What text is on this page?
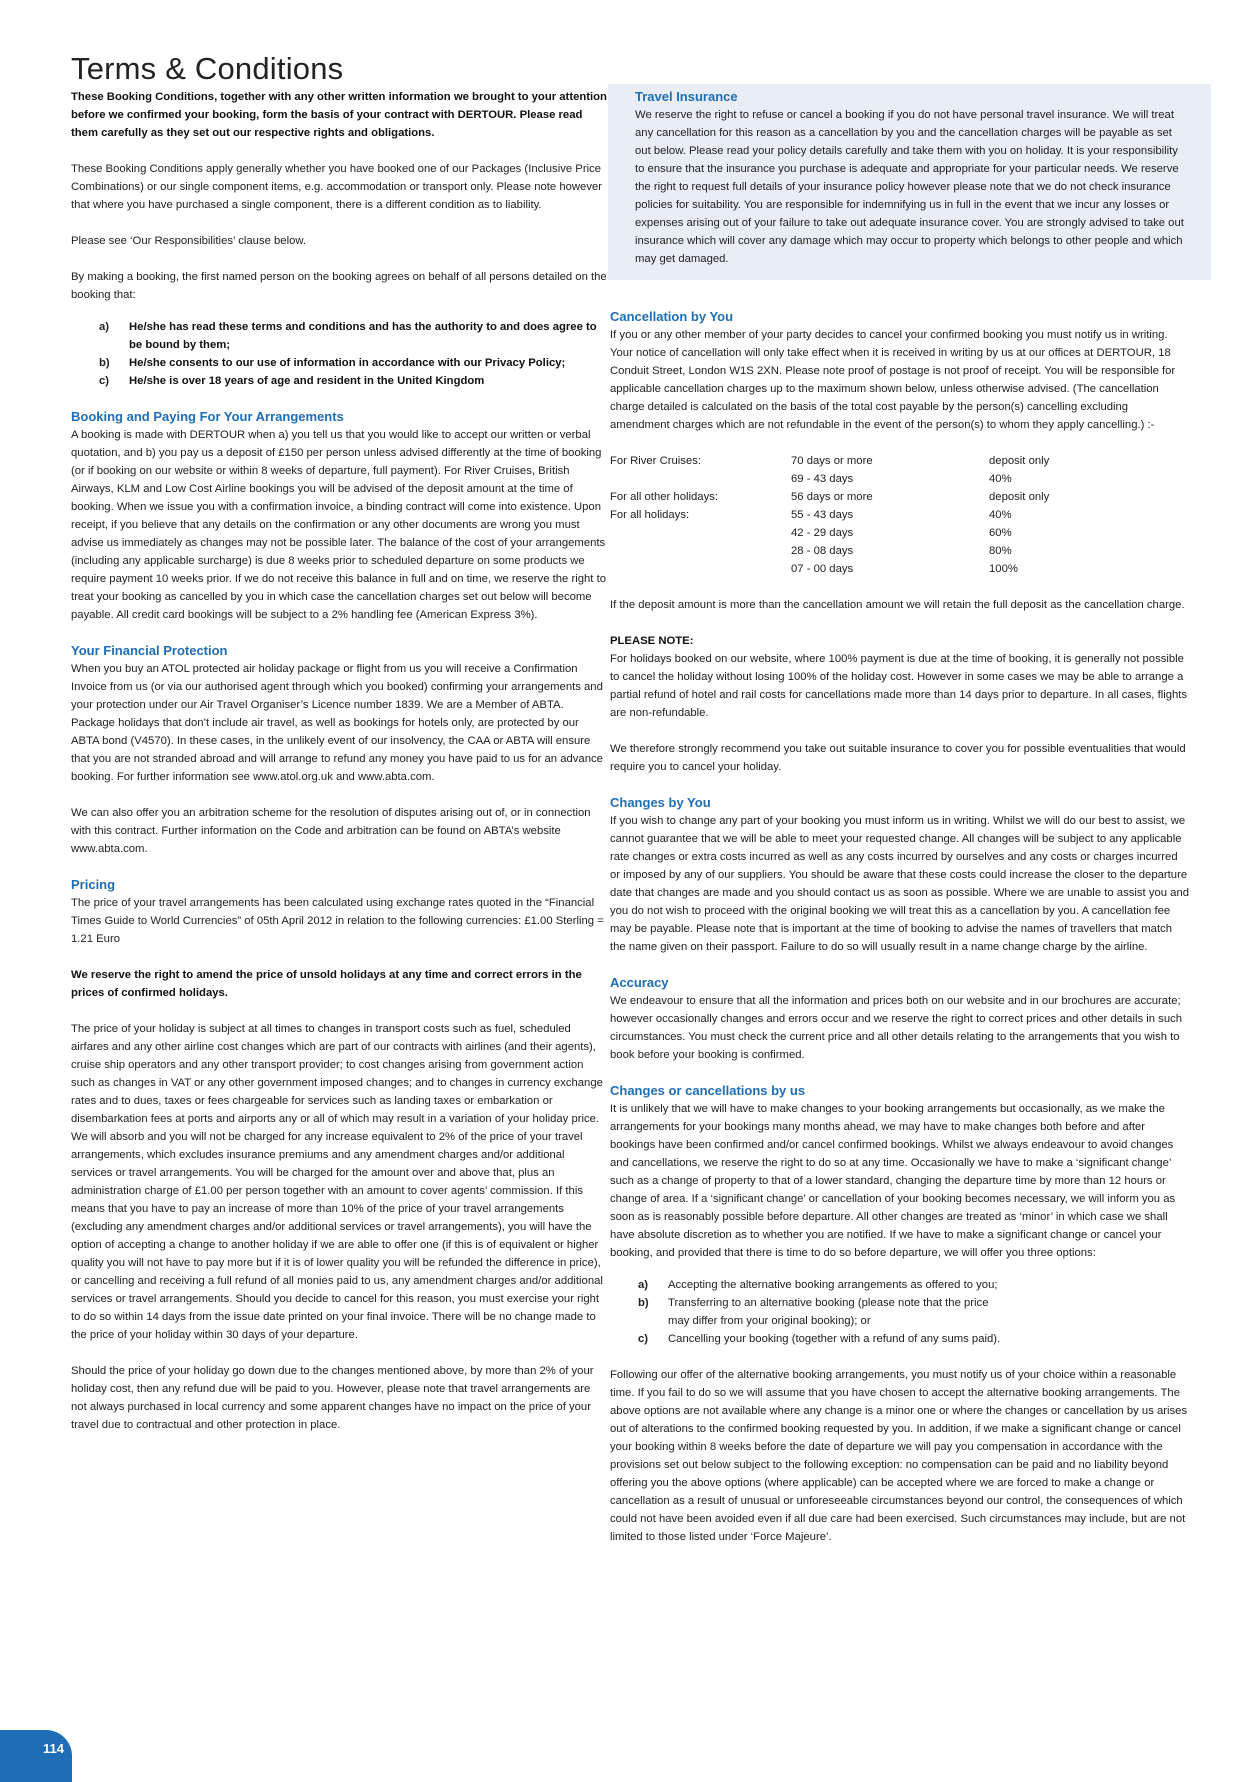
Terms & Conditions

These Booking Conditions, together with any other written information we brought to your attention before we confirmed your booking, form the basis of your contract with DERTOUR. Please read them carefully as they set out our respective rights and obligations.

These Booking Conditions apply generally whether you have booked one of our Packages (Inclusive Price Combinations) or our single component items, e.g. accommodation or transport only. Please note however that where you have purchased a single component, there is a different condition as to liability.

Please see ‘Our Responsibilities’ clause below.

By making a booking, the first named person on the booking agrees on behalf of all persons detailed on the booking that:

a)	He/she has read these terms and conditions and has the authority to and does agree to be bound by them;
b)	He/she consents to our use of information in accordance with our Privacy Policy;
c)	He/she is over 18 years of age and resident in the United Kingdom
Booking and Paying For Your Arrangements

A booking is made with DERTOUR when a) you tell us that you would like to accept our written or verbal quotation, and b) you pay us a deposit of £150 per person unless advised differently at the time of booking (or if booking on our website or within 8 weeks of departure, full payment). For River Cruises, British Airways, KLM and Low Cost Airline bookings you will be advised of the deposit amount at the time of booking. When we issue you with a confirmation invoice, a binding contract will come into existence. Upon receipt, if you believe that any details on the confirmation or any other documents are wrong you must advise us immediately as changes may not be possible later. The balance of the cost of your arrangements (including any applicable surcharge) is due 8 weeks prior to scheduled departure on some products we require payment 10 weeks prior. If we do not receive this balance in full and on time, we reserve the right to treat your booking as cancelled by you in which case the cancellation charges set out below will become payable. All credit card bookings will be subject to a 2% handling fee (American Express 3%).

Your Financial Protection

When you buy an ATOL protected air holiday package or flight from us you will receive a Confirmation Invoice from us (or via our authorised agent through which you booked) confirming your arrangements and your protection under our Air Travel Organiser’s Licence number 1839. We are a Member of ABTA. Package holidays that don’t include air travel, as well as bookings for hotels only, are protected by our ABTA bond (V4570). In these cases, in the unlikely event of our insolvency, the CAA or ABTA will ensure that you are not stranded abroad and will arrange to refund any money you have paid to us for an advance booking. For further information see www.atol.org.uk and www.abta.com.

We can also offer you an arbitration scheme for the resolution of disputes arising out of, or in connection with this contract. Further information on the Code and arbitration can be found on ABTA’s website www.abta.com.

Pricing

The price of your travel arrangements has been calculated using exchange rates quoted in the “Financial Times Guide to World Currencies” of 05th April 2012 in relation to the following currencies: £1.00 Sterling = 1.21 Euro

We reserve the right to amend the price of unsold holidays at any time and correct errors in the prices of confirmed holidays.

The price of your holiday is subject at all times to changes in transport costs such as fuel, scheduled airfares and any other airline cost changes which are part of our contracts with airlines (and their agents), cruise ship operators and any other transport provider; to cost changes arising from government action such as changes in VAT or any other government imposed changes; and to changes in currency exchange rates and to dues, taxes or fees chargeable for services such as landing taxes or embarkation or disembarkation fees at ports and airports any or all of which may result in a variation of your holiday price. We will absorb and you will not be charged for any increase equivalent to 2% of the price of your travel arrangements, which excludes insurance premiums and any amendment charges and/or additional services or travel arrangements. You will be charged for the amount over and above that, plus an administration charge of £1.00 per person together with an amount to cover agents’ commission. If this means that you have to pay an increase of more than 10% of the price of your travel arrangements (excluding any amendment charges and/or additional services or travel arrangements), you will have the option of accepting a change to another holiday if we are able to offer one (if this is of equivalent or higher quality you will not have to pay more but if it is of lower quality you will be refunded the difference in price), or cancelling and receiving a full refund of all monies paid to us, any amendment charges and/or additional services or travel arrangements. Should you decide to cancel for this reason, you must exercise your right to do so within 14 days from the issue date printed on your final invoice. There will be no change made to the price of your holiday within 30 days of your departure.

Should the price of your holiday go down due to the changes mentioned above, by more than 2% of your holiday cost, then any refund due will be paid to you. However, please note that travel arrangements are not always purchased in local currency and some apparent changes have no impact on the price of your travel due to contractual and other protection in place.

Travel Insurance

We reserve the right to refuse or cancel a booking if you do not have personal travel insurance. We will treat any cancellation for this reason as a cancellation by you and the cancellation charges will be payable as set out below. Please read your policy details carefully and take them with you on holiday. It is your responsibility to ensure that the insurance you purchase is adequate and appropriate for your particular needs. We reserve the right to request full details of your insurance policy however please note that we do not check insurance policies for suitability. You are responsible for indemnifying us in full in the event that we incur any losses or expenses arising out of your failure to take out adequate insurance cover. You are strongly advised to take out insurance which will cover any damage which may occur to property which belongs to other people and which may get damaged.

Cancellation by You

If you or any other member of your party decides to cancel your confirmed booking you must notify us in writing. Your notice of cancellation will only take effect when it is received in writing by us at our offices at DERTOUR, 18 Conduit Street, London W1S 2XN. Please note proof of postage is not proof of receipt. You will be responsible for applicable cancellation charges up to the maximum shown below, unless otherwise advised. (The cancellation charge detailed is calculated on the basis of the total cost payable by the person(s) cancelling excluding amendment charges which are not refundable in the event of the person(s) to whom they apply cancelling.) :-

For River Cruises:	70 days or more	deposit only
	69 - 43 days	40%
For all other holidays:	56 days or more	deposit only
For all holidays:	55 - 43 days	40%
	42 - 29 days	60%
	28 - 08 days	80%
	07 - 00 days	100%

If the deposit amount is more than the cancellation amount we will retain the full deposit as the cancellation charge.

PLEASE NOTE:

For holidays booked on our website, where 100% payment is due at the time of booking, it is generally not possible to cancel the holiday without losing 100% of the holiday cost. However in some cases we may be able to arrange a partial refund of hotel and rail costs for cancellations made more than 14 days prior to departure. In all cases, flights are non-refundable.

We therefore strongly recommend you take out suitable insurance to cover you for possible eventualities that would require you to cancel your holiday.

Changes by You

If you wish to change any part of your booking you must inform us in writing. Whilst we will do our best to assist, we cannot guarantee that we will be able to meet your requested change. All changes will be subject to any applicable rate changes or extra costs incurred as well as any costs incurred by ourselves and any costs or charges incurred or imposed by any of our suppliers. You should be aware that these costs could increase the closer to the departure date that changes are made and you should contact us as soon as possible. Where we are unable to assist you and you do not wish to proceed with the original booking we will treat this as a cancellation by you. A cancellation fee may be payable. Please note that is important at the time of booking to advise the names of travellers that match the name given on their passport. Failure to do so will usually result in a name change charge by the airline.

Accuracy

We endeavour to ensure that all the information and prices both on our website and in our brochures are accurate; however occasionally changes and errors occur and we reserve the right to correct prices and other details in such circumstances. You must check the current price and all other details relating to the arrangements that you wish to book before your booking is confirmed.

Changes or cancellations by us

It is unlikely that we will have to make changes to your booking arrangements but occasionally, as we make the arrangements for your bookings many months ahead, we may have to make changes both before and after bookings have been confirmed and/or cancel confirmed bookings. Whilst we always endeavour to avoid changes and cancellations, we reserve the right to do so at any time. Occasionally we have to make a ‘significant change’ such as a change of property to that of a lower standard, changing the departure time by more than 12 hours or change of area. If a ‘significant change’ or cancellation of your booking becomes necessary, we will inform you as soon as is reasonably possible before departure. All other changes are treated as ‘minor’ in which case we shall have absolute discretion as to whether you are notified. If we have to make a significant change or cancel your booking, and provided that there is time to do so before departure, we will offer you three options:

a)	Accepting the alternative booking arrangements as offered to you;
b)	Transferring to an alternative booking (please note that the price may differ from your original booking); or
c)	Cancelling your booking (together with a refund of any sums paid).

Following our offer of the alternative booking arrangements, you must notify us of your choice within a reasonable time. If you fail to do so we will assume that you have chosen to accept the alternative booking arrangements. The above options are not available where any change is a minor one or where the changes or cancellation by us arises out of alterations to the confirmed booking requested by you. In addition, if we make a significant change or cancel your booking within 8 weeks before the date of departure we will pay you compensation in accordance with the provisions set out below subject to the following exception: no compensation can be paid and no liability beyond offering you the above options (where applicable) can be accepted where we are forced to make a change or cancellation as a result of unusual or unforeseeable circumstances beyond our control, the consequences of which could not have been avoided even if all due care had been exercised. Such circumstances may include, but are not limited to those listed under ‘Force Majeure’.

114
